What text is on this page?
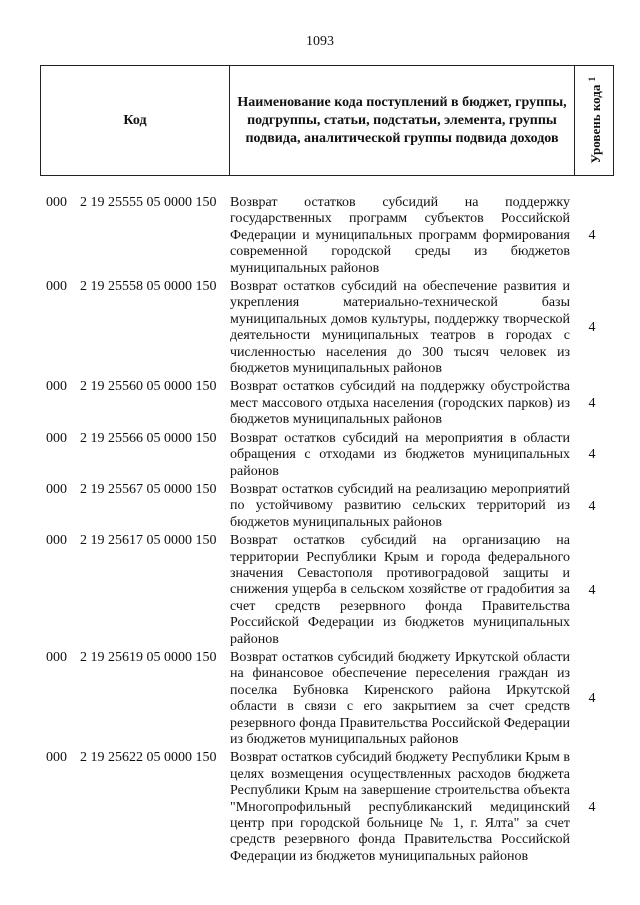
1093
Код
Наименование кода поступлений в бюджет, группы, подгруппы, статьи, подстатьи, элемента, группы подвида, аналитической группы подвида доходов	Уровень кода $^1$
000 2 19 25555 05 0000 150 Возврат остатков субсидий на поддержку государственных программ субъектов Российской Федерации и муниципальных программ формирования современной городской среды из бюджетов муниципальных районов
4
000 2 19 25558 05 0000 150 Возврат остатков субсидий на обеспечение развития и укрепления материально-технической базы муниципальных домов культуры, поддержку творческой деятельности муниципальных театров в городах с численностью населения до 300 тысяч человек из бюджетов муниципальных районов
4
000 2 19 25560 05 0000 150 Возврат остатков субсидий на поддержку обустройства мест массового отдыха населения (городских парков) из бюджетов муниципальных районов
4
000 2 19 25566 05 0000 150 Возврат остатков субсидий на мероприятия в области обращения с отходами из бюджетов муниципальных районов
4
000 2 19 25567 05 0000 150 Возврат остатков субсидий на реализацию мероприятий по устойчивому развитию сельских территорий из бюджетов муниципальных районов
4
000 2 19 25617 05 0000 150 Возврат остатков субсидий на организацию на территории Республики Крым и города федерального значения Севастополя противоградовой защиты и снижения ущерба в сельском хозяйстве от градобития за счет средств резервного фонда Правительства Российской Федерации из бюджетов муниципальных районов
4
000 2 19 25619 05 0000 150 Возврат остатков субсидий бюджету Иркутской области на финансовое обеспечение переселения граждан из поселка Бубновка Киренского района Иркутской области в связи с его закрытием за счет средств резервного фонда Правительства Российской Федерации из бюджетов муниципальных районов
4
000 2 19 25622 05 0000 150 Возврат остатков субсидий бюджету Республики Крым в целях возмещения осуществленных расходов бюджета Республики Крым на завершение строительства объекта "Многопрофильный республиканский медицинский центр при городской больнице № 1, г. Ялта" за счет средств резервного фонда Правительства Российской Федерации из бюджетов муниципальных районов
4
